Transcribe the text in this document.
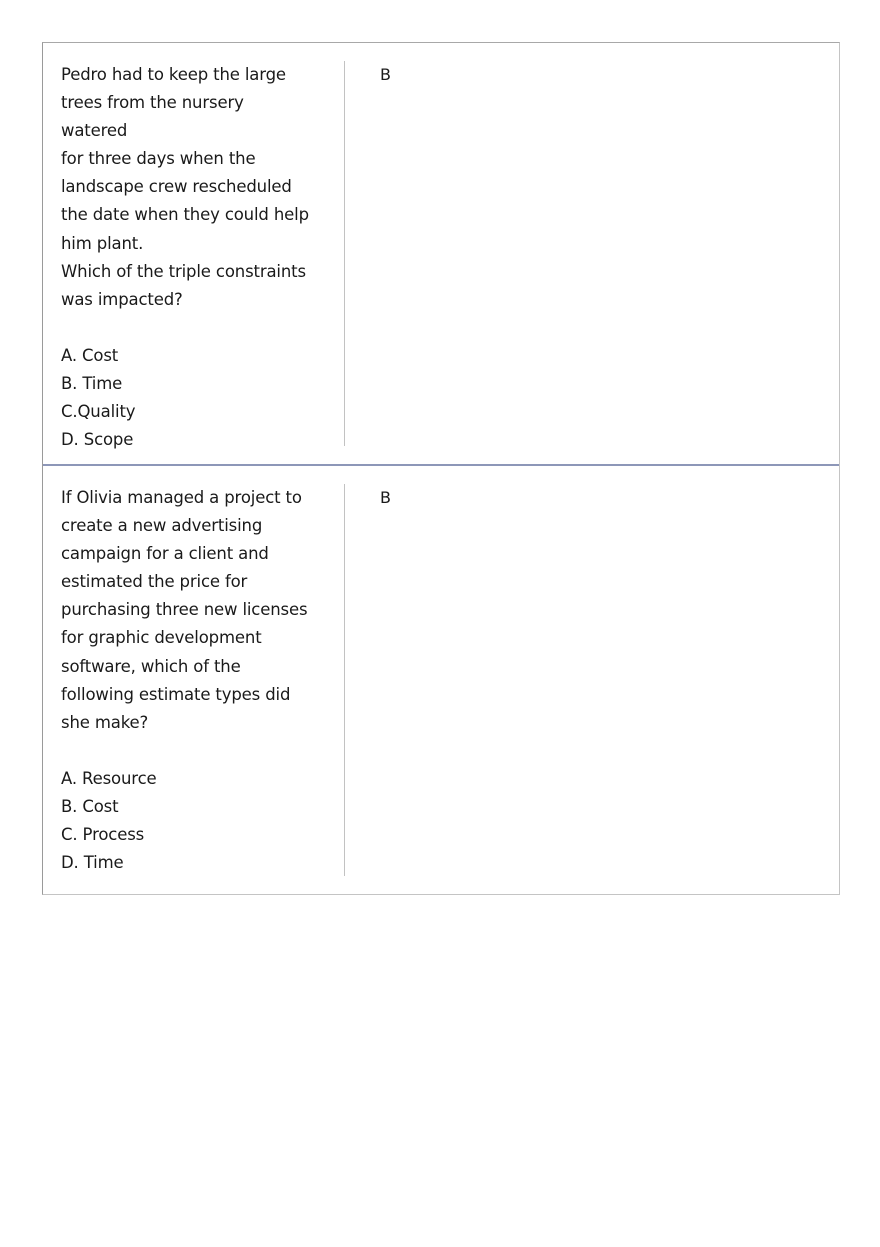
Pedro had to keep the large
trees from the nursery watered
for three days when the
landscape crew rescheduled
the date when they could help
him plant.
Which of the triple constraints
was impacted?
A. Cost
B. Time
C.Quality
D. Scope
B
If Olivia managed a project to
create a new advertising
campaign for a client and
estimated the price for
purchasing three new licenses
for graphic development
software, which of the
following estimate types did
she make?
A. Resource
B. Cost
C. Process
D. Time
B
